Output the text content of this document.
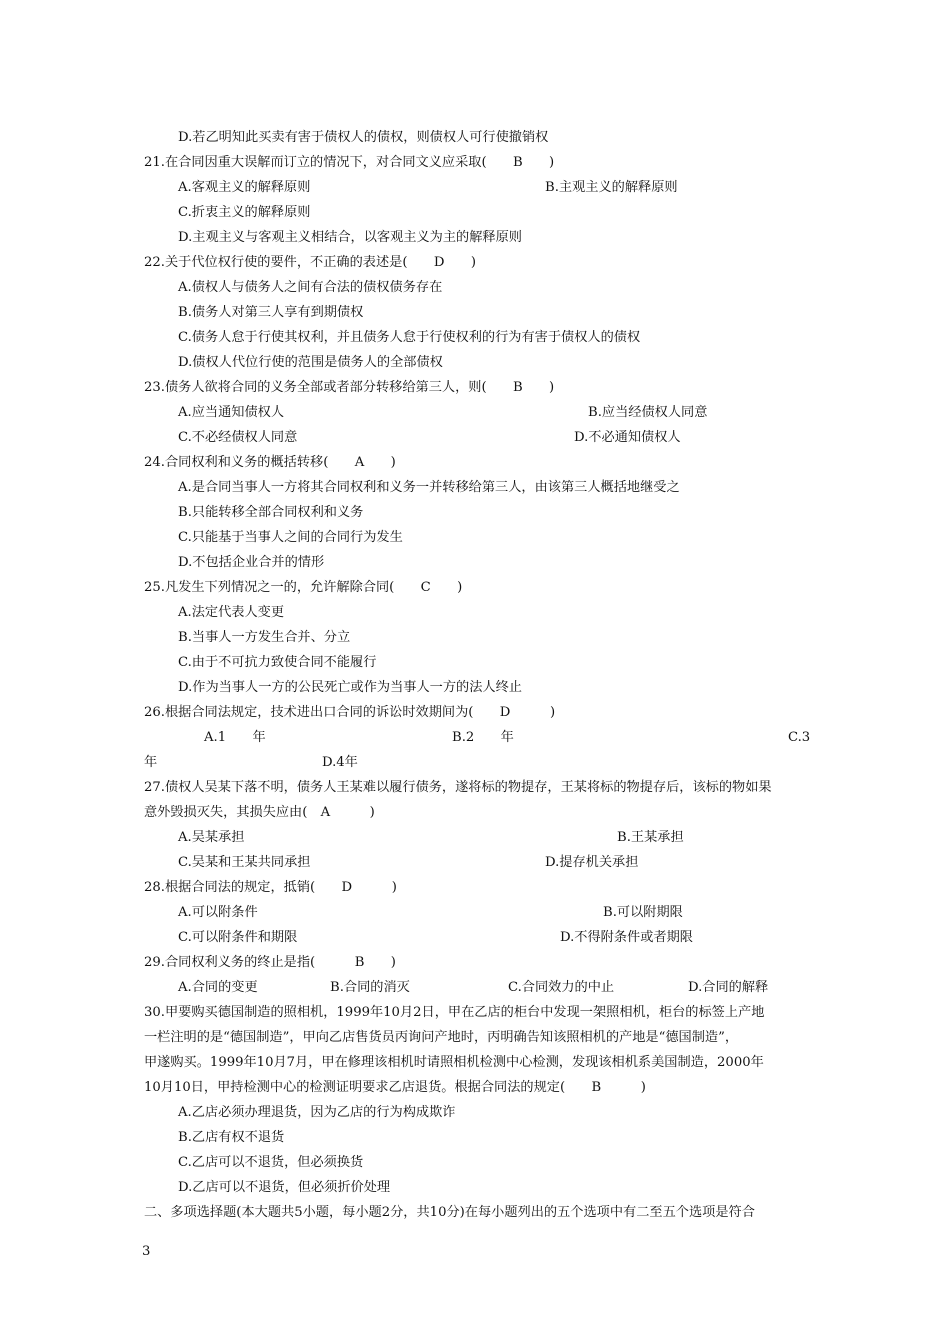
D.若乙明知此买卖有害于债权人的债权，则债权人可行使撤销权
21.在合同因重大误解而订立的情况下，对合同文义应采取(　　B　　)
A.客观主义的解释原则	B.主观主义的解释原则
C.折衷主义的解释原则
D.主观主义与客观主义相结合，以客观主义为主的解释原则
22.关于代位权行使的要件，不正确的表述是(　　D　　)
A.债权人与债务人之间有合法的债权债务存在
B.债务人对第三人享有到期债权
C.债务人怠于行使其权利，并且债务人怠于行使权利的行为有害于债权人的债权
D.债权人代位行使的范围是债务人的全部债权
23.债务人欲将合同的义务全部或者部分转移给第三人，则(　　B　　)
A.应当通知债权人	B.应当经债权人同意
C.不必经债权人同意	D.不必通知债权人
24.合同权利和义务的概括转移(　　A　　)
A.是合同当事人一方将其合同权利和义务一并转移给第三人，由该第三人概括地继受之
B.只能转移全部合同权利和义务
C.只能基于当事人之间的合同行为发生
D.不包括企业合并的情形
25.凡发生下列情况之一的，允许解除合同(　　C　　)
A.法定代表人变更
B.当事人一方发生合并、分立
C.由于不可抗力致使合同不能履行
D.作为当事人一方的公民死亡或作为当事人一方的法人终止
26.根据合同法规定，技术进出口合同的诉讼时效期间为(　　D　　　)
A.1　　年	B.2　　年	C.3
年	D.4年
27.债权人吴某下落不明，债务人王某难以履行债务，遂将标的物提存，王某将标的物提存后，该标的物如果
意外毁损灭失，其损失应由(　A　　　)
A.吴某承担	B.王某承担
C.吴某和王某共同承担	D.提存机关承担
28.根据合同法的规定，抵销(　　D　　　)
A.可以附条件	B.可以附期限
C.可以附条件和期限	D.不得附条件或者期限
29.合同权利义务的终止是指(　　　B　　)
A.合同的变更	B.合同的消灭	C.合同效力的中止	D.合同的解释
30.甲要购买德国制造的照相机，1999年10月2日，甲在乙店的柜台中发现一架照相机，柜台的标签上产地
一栏注明的是“德国制造”，甲向乙店售货员丙询问产地时，丙明确告知该照相机的产地是“德国制造”，
甲遂购买。1999年10月7月，甲在修理该相机时请照相机检测中心检测，发现该相机系美国制造，2000年
10月10日，甲持检测中心的检测证明要求乙店退货。根据合同法的规定(　　B　　　)
A.乙店必须办理退货，因为乙店的行为构成欺诈
B.乙店有权不退货
C.乙店可以不退货，但必须换货
D.乙店可以不退货，但必须折价处理
二、多项选择题(本大题共5小题，每小题2分，共10分)在每小题列出的五个选项中有二至五个选项是符合
3
